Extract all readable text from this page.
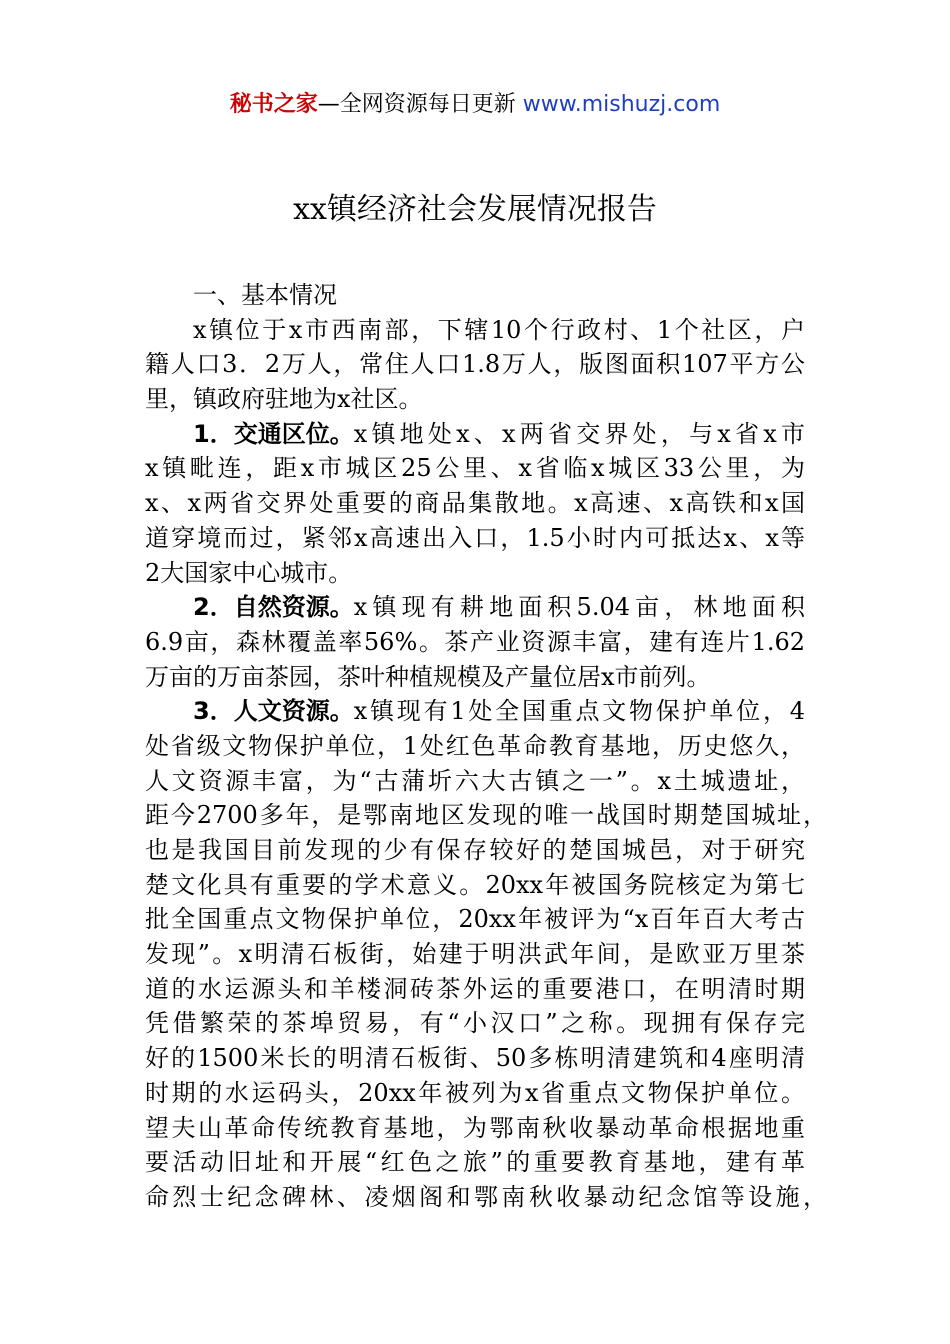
秘书之家—全网资源每日更新 www.mishuzj.com
xx镇经济社会发展情况报告
一、基本情况
x镇位于x市西南部，下辖10个行政村、1个社区，户
籍人口3．2万人，常住人口1.8万人，版图面积107平方公
里，镇政府驻地为x社区。
1．交通区位。 x镇地处x、x两省交界处，与x省x市
x镇毗连，距x市城区25公里、x省临x城区33公里，为
x、x两省交界处重要的商品集散地。x高速、x高铁和x国
道穿境而过，紧邻x高速出入口，1.5小时内可抵达x、x等
2大国家中心城市。
2．自然资源。 x镇现有耕地面积5.04亩，林地面积
6.9亩，森林覆盖率56%。茶产业资源丰富，建有连片1.62
万亩的万亩茶园，茶叶种植规模及产量位居x市前列。
3．人文资源。 x镇现有1处全国重点文物保护单位，4
处省级文物保护单位，1处红色革命教育基地，历史悠久，
人文资源丰富，为“古蒲圻六大古镇之一”。x土城遗址，
距今2700多年，是鄂南地区发现的唯一战国时期楚国城址，
也是我国目前发现的少有保存较好的楚国城邑，对于研究
楚文化具有重要的学术意义。20xx年被国务院核定为第七
批全国重点文物保护单位，20xx年被评为“x百年百大考古
发现”。x明清石板街，始建于明洪武年间，是欧亚万里茶
道的水运源头和羊楼洞砖茶外运的重要港口，在明清时期
凭借繁荣的茶埠贸易，有“小汉口”之称。现拥有保存完
好的1500米长的明清石板街、50多栋明清建筑和4座明清
时期的水运码头，20xx年被列为x省重点文物保护单位。
望夫山革命传统教育基地，为鄂南秋收暴动革命根据地重
要活动旧址和开展“红色之旅”的重要教育基地，建有革
命烈士纪念碑林、凌烟阁和鄂南秋收暴动纪念馆等设施，
